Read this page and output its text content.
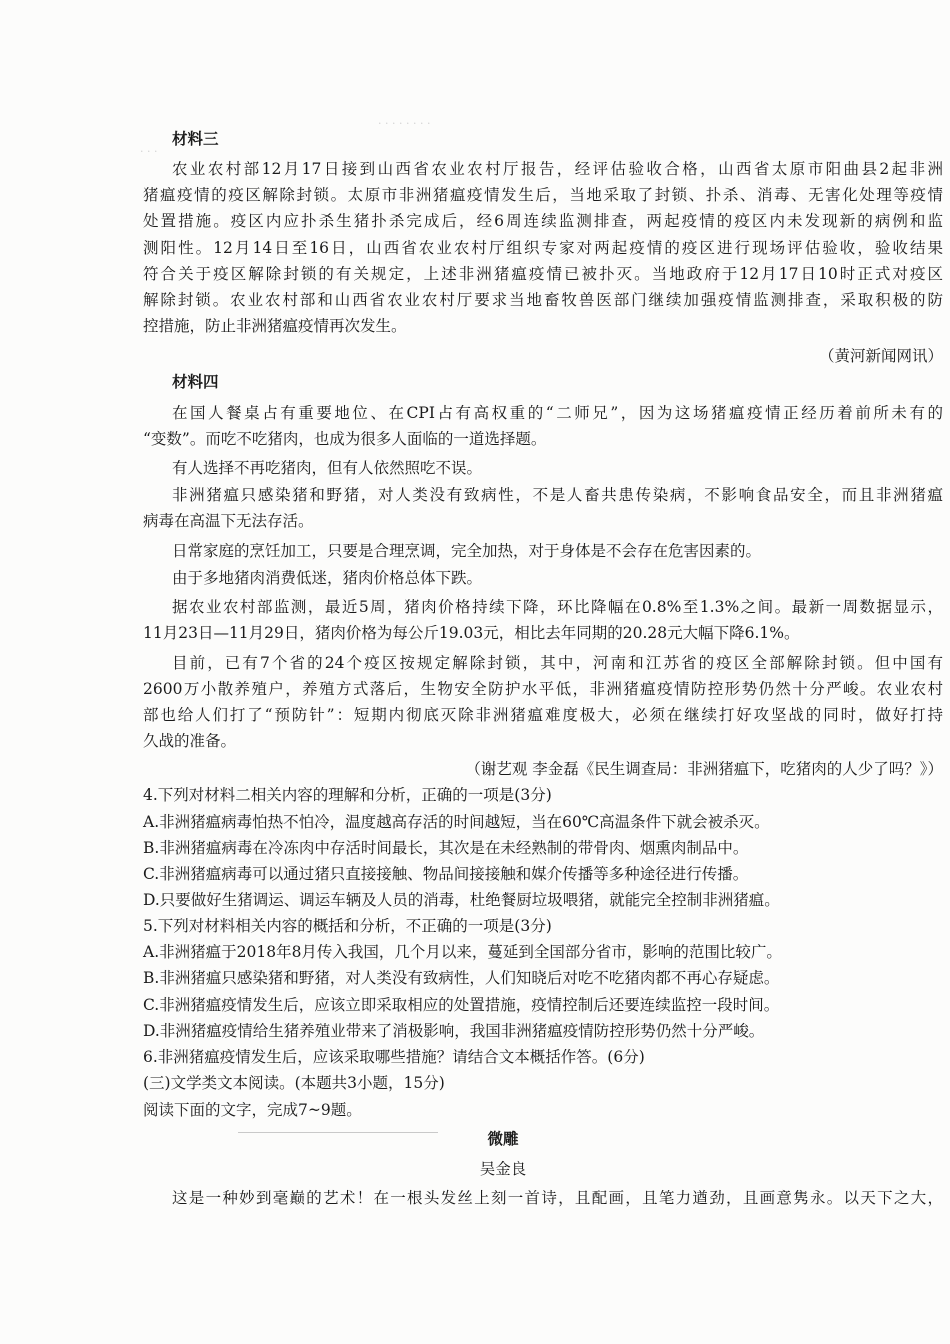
· · · · · · · ·
· · ·
材料三
农业农村部12月17日接到山西省农业农村厅报告，经评估验收合格，山西省太原市阳曲县2起非洲
猪瘟疫情的疫区解除封锁。太原市非洲猪瘟疫情发生后，当地采取了封锁、扑杀、消毒、无害化处理等疫情
处置措施。疫区内应扑杀生猪扑杀完成后，经6周连续监测排查，两起疫情的疫区内未发现新的病例和监
测阳性。12月14日至16日，山西省农业农村厅组织专家对两起疫情的疫区进行现场评估验收，验收结果
符合关于疫区解除封锁的有关规定，上述非洲猪瘟疫情已被扑灭。当地政府于12月17日10时正式对疫区
解除封锁。农业农村部和山西省农业农村厅要求当地畜牧兽医部门继续加强疫情监测排查，采取积极的防
控措施，防止非洲猪瘟疫情再次发生。
（黄河新闻网讯）
材料四
在国人餐桌占有重要地位、在CPI占有高权重的“二师兄”，因为这场猪瘟疫情正经历着前所未有的
“变数”。而吃不吃猪肉，也成为很多人面临的一道选择题。
有人选择不再吃猪肉，但有人依然照吃不误。
非洲猪瘟只感染猪和野猪，对人类没有致病性，不是人畜共患传染病，不影响食品安全，而且非洲猪瘟
病毒在高温下无法存活。
日常家庭的烹饪加工，只要是合理烹调，完全加热，对于身体是不会存在危害因素的。
由于多地猪肉消费低迷，猪肉价格总体下跌。
据农业农村部监测，最近5周，猪肉价格持续下降，环比降幅在0.8%至1.3%之间。最新一周数据显示，
11月23日—11月29日，猪肉价格为每公斤19.03元，相比去年同期的20.28元大幅下降6.1%。
目前，已有7个省的24个疫区按规定解除封锁，其中，河南和江苏省的疫区全部解除封锁。但中国有
2600万小散养殖户，养殖方式落后，生物安全防护水平低，非洲猪瘟疫情防控形势仍然十分严峻。农业农村
部也给人们打了“预防针”：短期内彻底灭除非洲猪瘟难度极大，必须在继续打好攻坚战的同时，做好打持
久战的准备。
（谢艺观 李金磊《民生调查局：非洲猪瘟下，吃猪肉的人少了吗？》）
4.下列对材料二相关内容的理解和分析，正确的一项是(3分)
A.非洲猪瘟病毒怕热不怕冷，温度越高存活的时间越短，当在60℃高温条件下就会被杀灭。
B.非洲猪瘟病毒在冷冻肉中存活时间最长，其次是在未经熟制的带骨肉、烟熏肉制品中。
C.非洲猪瘟病毒可以通过猪只直接接触、物品间接接触和媒介传播等多种途径进行传播。
D.只要做好生猪调运、调运车辆及人员的消毒，杜绝餐厨垃圾喂猪，就能完全控制非洲猪瘟。
5.下列对材料相关内容的概括和分析，不正确的一项是(3分)
A.非洲猪瘟于2018年8月传入我国，几个月以来，蔓延到全国部分省市，影响的范围比较广。
B.非洲猪瘟只感染猪和野猪，对人类没有致病性，人们知晓后对吃不吃猪肉都不再心存疑虑。
C.非洲猪瘟疫情发生后，应该立即采取相应的处置措施，疫情控制后还要连续监控一段时间。
D.非洲猪瘟疫情给生猪养殖业带来了消极影响，我国非洲猪瘟疫情防控形势仍然十分严峻。
6.非洲猪瘟疫情发生后，应该采取哪些措施？请结合文本概括作答。(6分)
(三)文学类文本阅读。(本题共3小题，15分)
阅读下面的文字，完成7~9题。
微雕
吴金良
这是一种妙到毫巅的艺术！在一根头发丝上刻一首诗，且配画，且笔力遒劲，且画意隽永。以天下之大，
